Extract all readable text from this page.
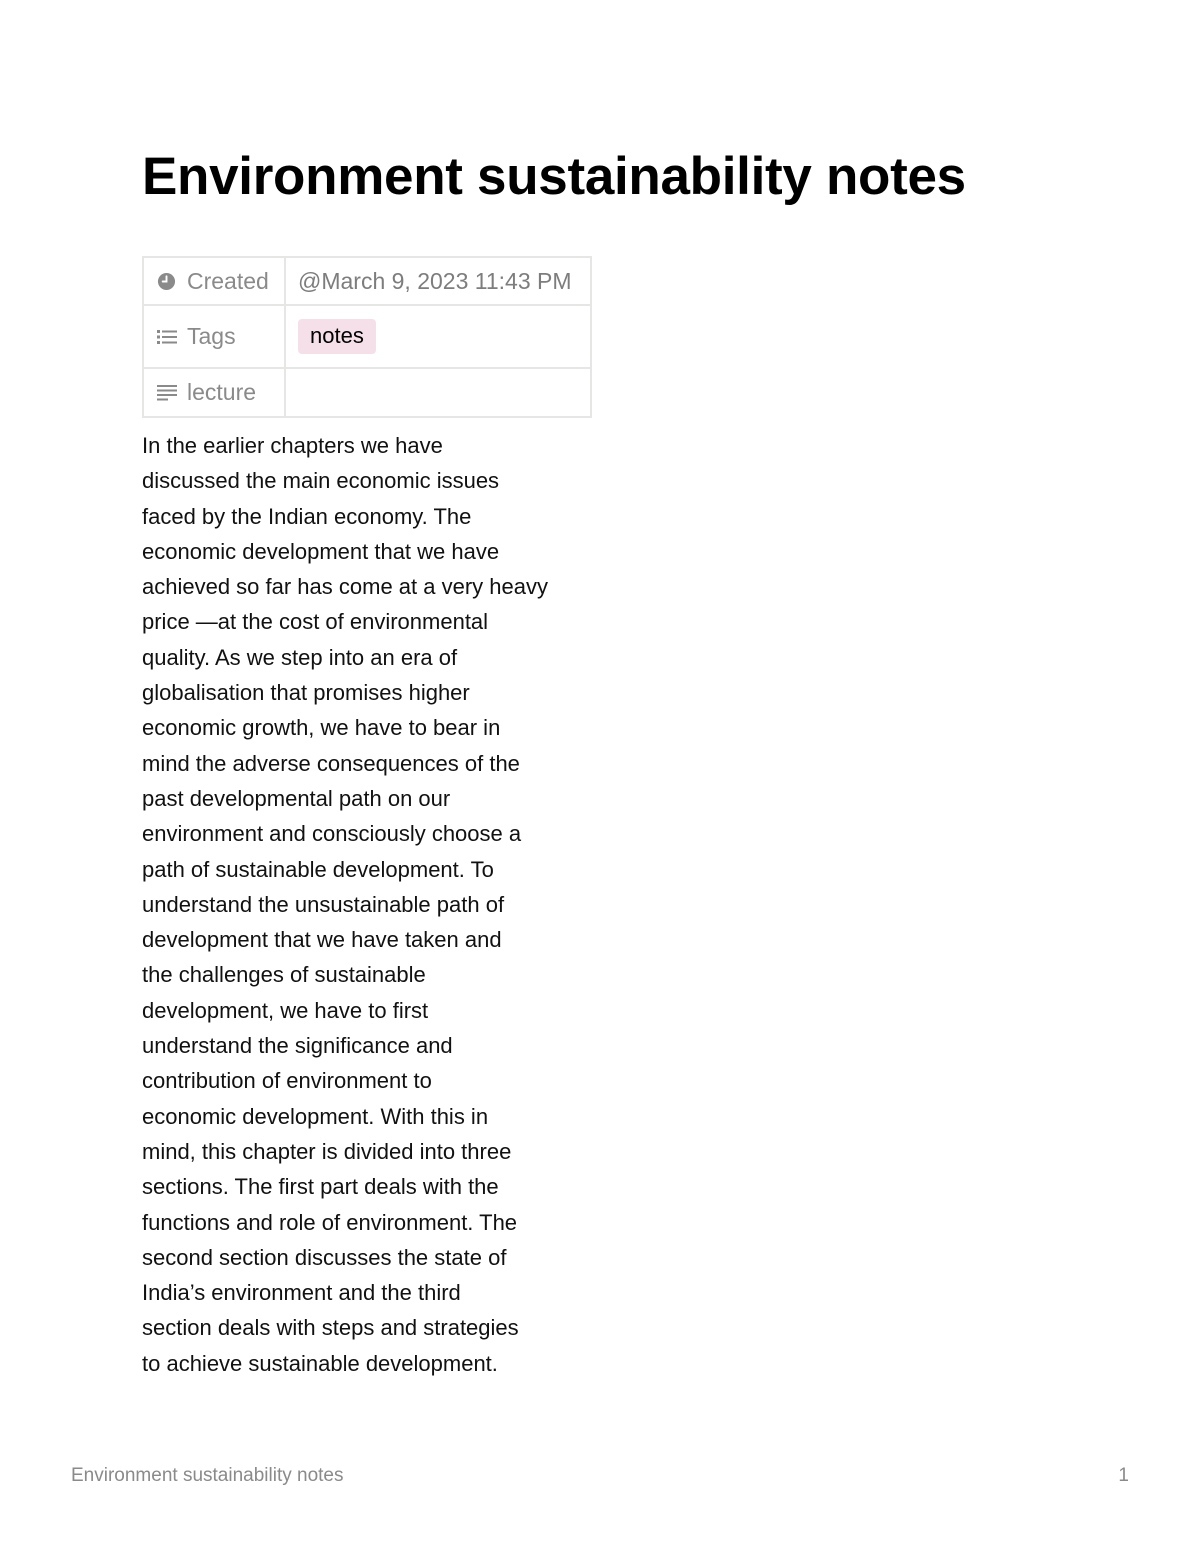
Environment sustainability notes
Created	@March 9, 2023 11:43 PM

Tags	notes

lecture	

In the earlier chapters we have
discussed the main economic issues
faced by the Indian economy. The
economic development that we have
achieved so far has come at a very heavy
price —at the cost of environmental
quality. As we step into an era of
globalisation that promises higher
economic growth, we have to bear in
mind the adverse consequences of the
past developmental path on our
environment and consciously choose a
path of sustainable development. To
understand the unsustainable path of
development that we have taken and
the challenges of sustainable
development, we have to first
understand the significance and
contribution of environment to
economic development. With this in
mind, this chapter is divided into three
sections. The first part deals with the
functions and role of environment. The
second section discusses the state of
India’s environment and the third
section deals with steps and strategies
to achieve sustainable development.
Environment sustainability notes	1
